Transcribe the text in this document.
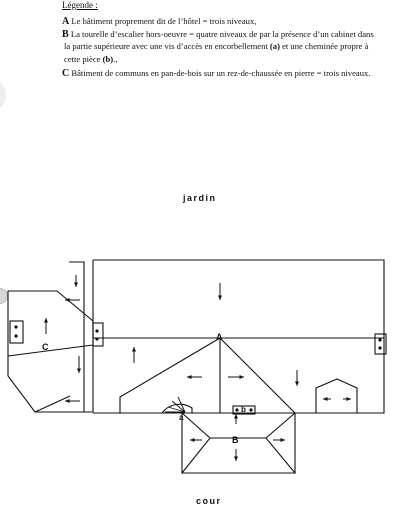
Légende :
A Le bâtiment proprement dit de l’hôtel = trois niveaux,
B La tourelle d’escalier hors-oeuvre = quatre niveaux de par la présence d’un cabinet dans
la partie supérieure avec une vis d’accès en encorbellement (a) et une cheminée propre à
cette pièce (b).,
C Bâtiment de communs en pan-de-bois sur un rez-de-chaussée en pierre = trois niveaux.
jardin
cour
A
B
C
a
b
